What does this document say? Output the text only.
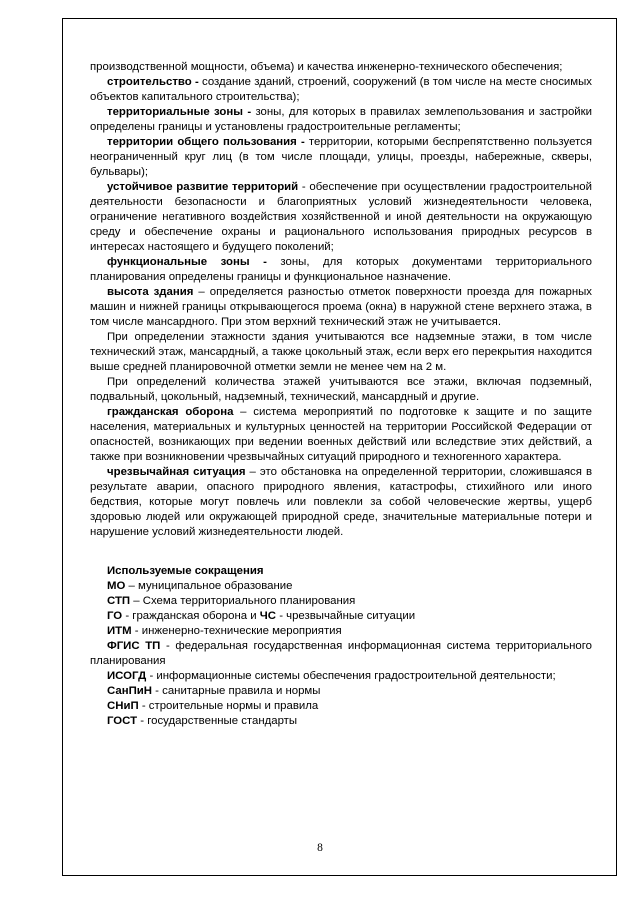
производственной мощности, объема) и качества инженерно-технического обеспечения;

строительство - создание зданий, строений, сооружений (в том числе на месте сносимых объектов капитального строительства);

территориальные зоны - зоны, для которых в правилах землепользования и застройки определены границы и установлены градостроительные регламенты;

территории общего пользования - территории, которыми беспрепятственно пользуется неограниченный круг лиц (в том числе площади, улицы, проезды, набережные, скверы, бульвары);

устойчивое развитие территорий - обеспечение при осуществлении градостроительной деятельности безопасности и благоприятных условий жизнедеятельности человека, ограничение негативного воздействия хозяйственной и иной деятельности на окружающую среду и обеспечение охраны и рационального использования природных ресурсов в интересах настоящего и будущего поколений;

функциональные зоны - зоны, для которых документами территориального планирования определены границы и функциональное назначение.

высота здания – определяется разностью отметок поверхности проезда для пожарных машин и нижней границы открывающегося проема (окна) в наружной стене верхнего этажа, в том числе мансардного. При этом верхний технический этаж не учитывается.

При определении этажности здания учитываются все надземные этажи, в том числе технический этаж, мансардный, а также цокольный этаж, если верх его перекрытия находится выше средней планировочной отметки земли не менее чем на 2 м.

При определений количества этажей учитываются все этажи, включая подземный, подвальный, цокольный, надземный, технический, мансардный и другие.

гражданская оборона – система мероприятий по подготовке к защите и по защите населения, материальных и культурных ценностей на территории Российской Федерации от опасностей, возникающих при ведении военных действий или вследствие этих действий, а также при возникновении чрезвычайных ситуаций природного и техногенного характера.

чрезвычайная ситуация – это обстановка на определенной территории, сложившаяся в результате аварии, опасного природного явления, катастрофы, стихийного или иного бедствия, которые могут повлечь или повлекли за собой человеческие жертвы, ущерб здоровью людей или окружающей природной среде, значительные материальные потери и нарушение условий жизнедеятельности людей.

Используемые сокращения

МО – муниципальное образование

СТП – Схема территориального планирования

ГО - гражданская оборона и ЧС - чрезвычайные ситуации

ИТМ - инженерно-технические мероприятия

ФГИС ТП - федеральная государственная информационная система территориального планирования

ИСОГД - информационные системы обеспечения градостроительной деятельности;

СанПиН - санитарные правила и нормы

СНиП - строительные нормы и правила

ГОСТ - государственные стандарты

8
